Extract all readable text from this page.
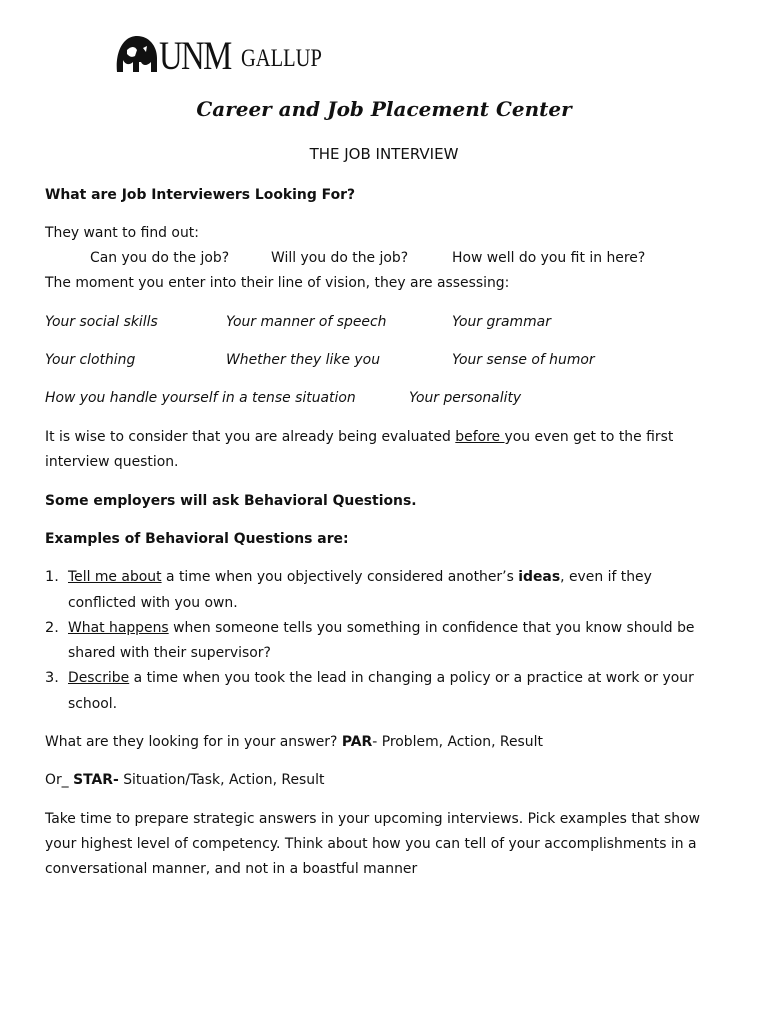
UNM GALLUP
Career and Job Placement Center
THE JOB INTERVIEW
What are Job Interviewers Looking For?
They want to find out:
Can you do the job?	Will you do the job?	How well do you fit in here?
The moment you enter into their line of vision, they are assessing:
Your social skills	Your manner of speech	Your grammar
Your clothing	Whether they like you	Your sense of humor
How you handle yourself in a tense situation	Your personality
It is wise to consider that you are already being evaluated before you even get to the first
interview question.
Some employers will ask Behavioral Questions.
Examples of Behavioral Questions are:
1. Tell me about a time when you objectively considered another’s ideas, even if they
conflicted with you own.
2. What happens when someone tells you something in confidence that you know should be
shared with their supervisor?
3. Describe a time when you took the lead in changing a policy or a practice at work or your
school.
What are they looking for in your answer? PAR- Problem, Action, Result
Or_ STAR- Situation/Task, Action, Result
Take time to prepare strategic answers in your upcoming interviews. Pick examples that show
your highest level of competency. Think about how you can tell of your accomplishments in a
conversational manner, and not in a boastful manner
